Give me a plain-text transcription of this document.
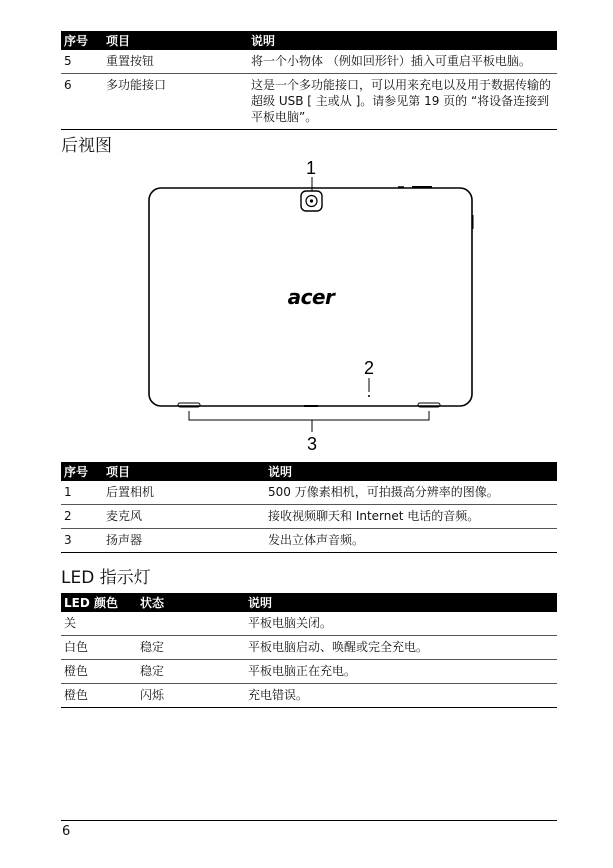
序号	项目	说明
5	重置按钮	将一个小物体 （例如回形针）插入可重启平板电脑。
6	多功能接口	这是一个多功能接口，可以用来充电以及用于数据传输的超级 USB [ 主或从 ]。请参见第 19 页的 “将设备连接到平板电脑”。
后视图
1
acer
2
3
序号	项目	说明
1	后置相机	500 万像素相机，可拍摄高分辨率的图像。
2	麦克风	接收视频聊天和 Internet 电话的音频。
3	扬声器	发出立体声音频。
LED 指示灯
LED 颜色	状态	说明
关		平板电脑关闭。
白色	稳定	平板电脑启动、唤醒或完全充电。
橙色	稳定	平板电脑正在充电。
橙色	闪烁	充电错误。
6
